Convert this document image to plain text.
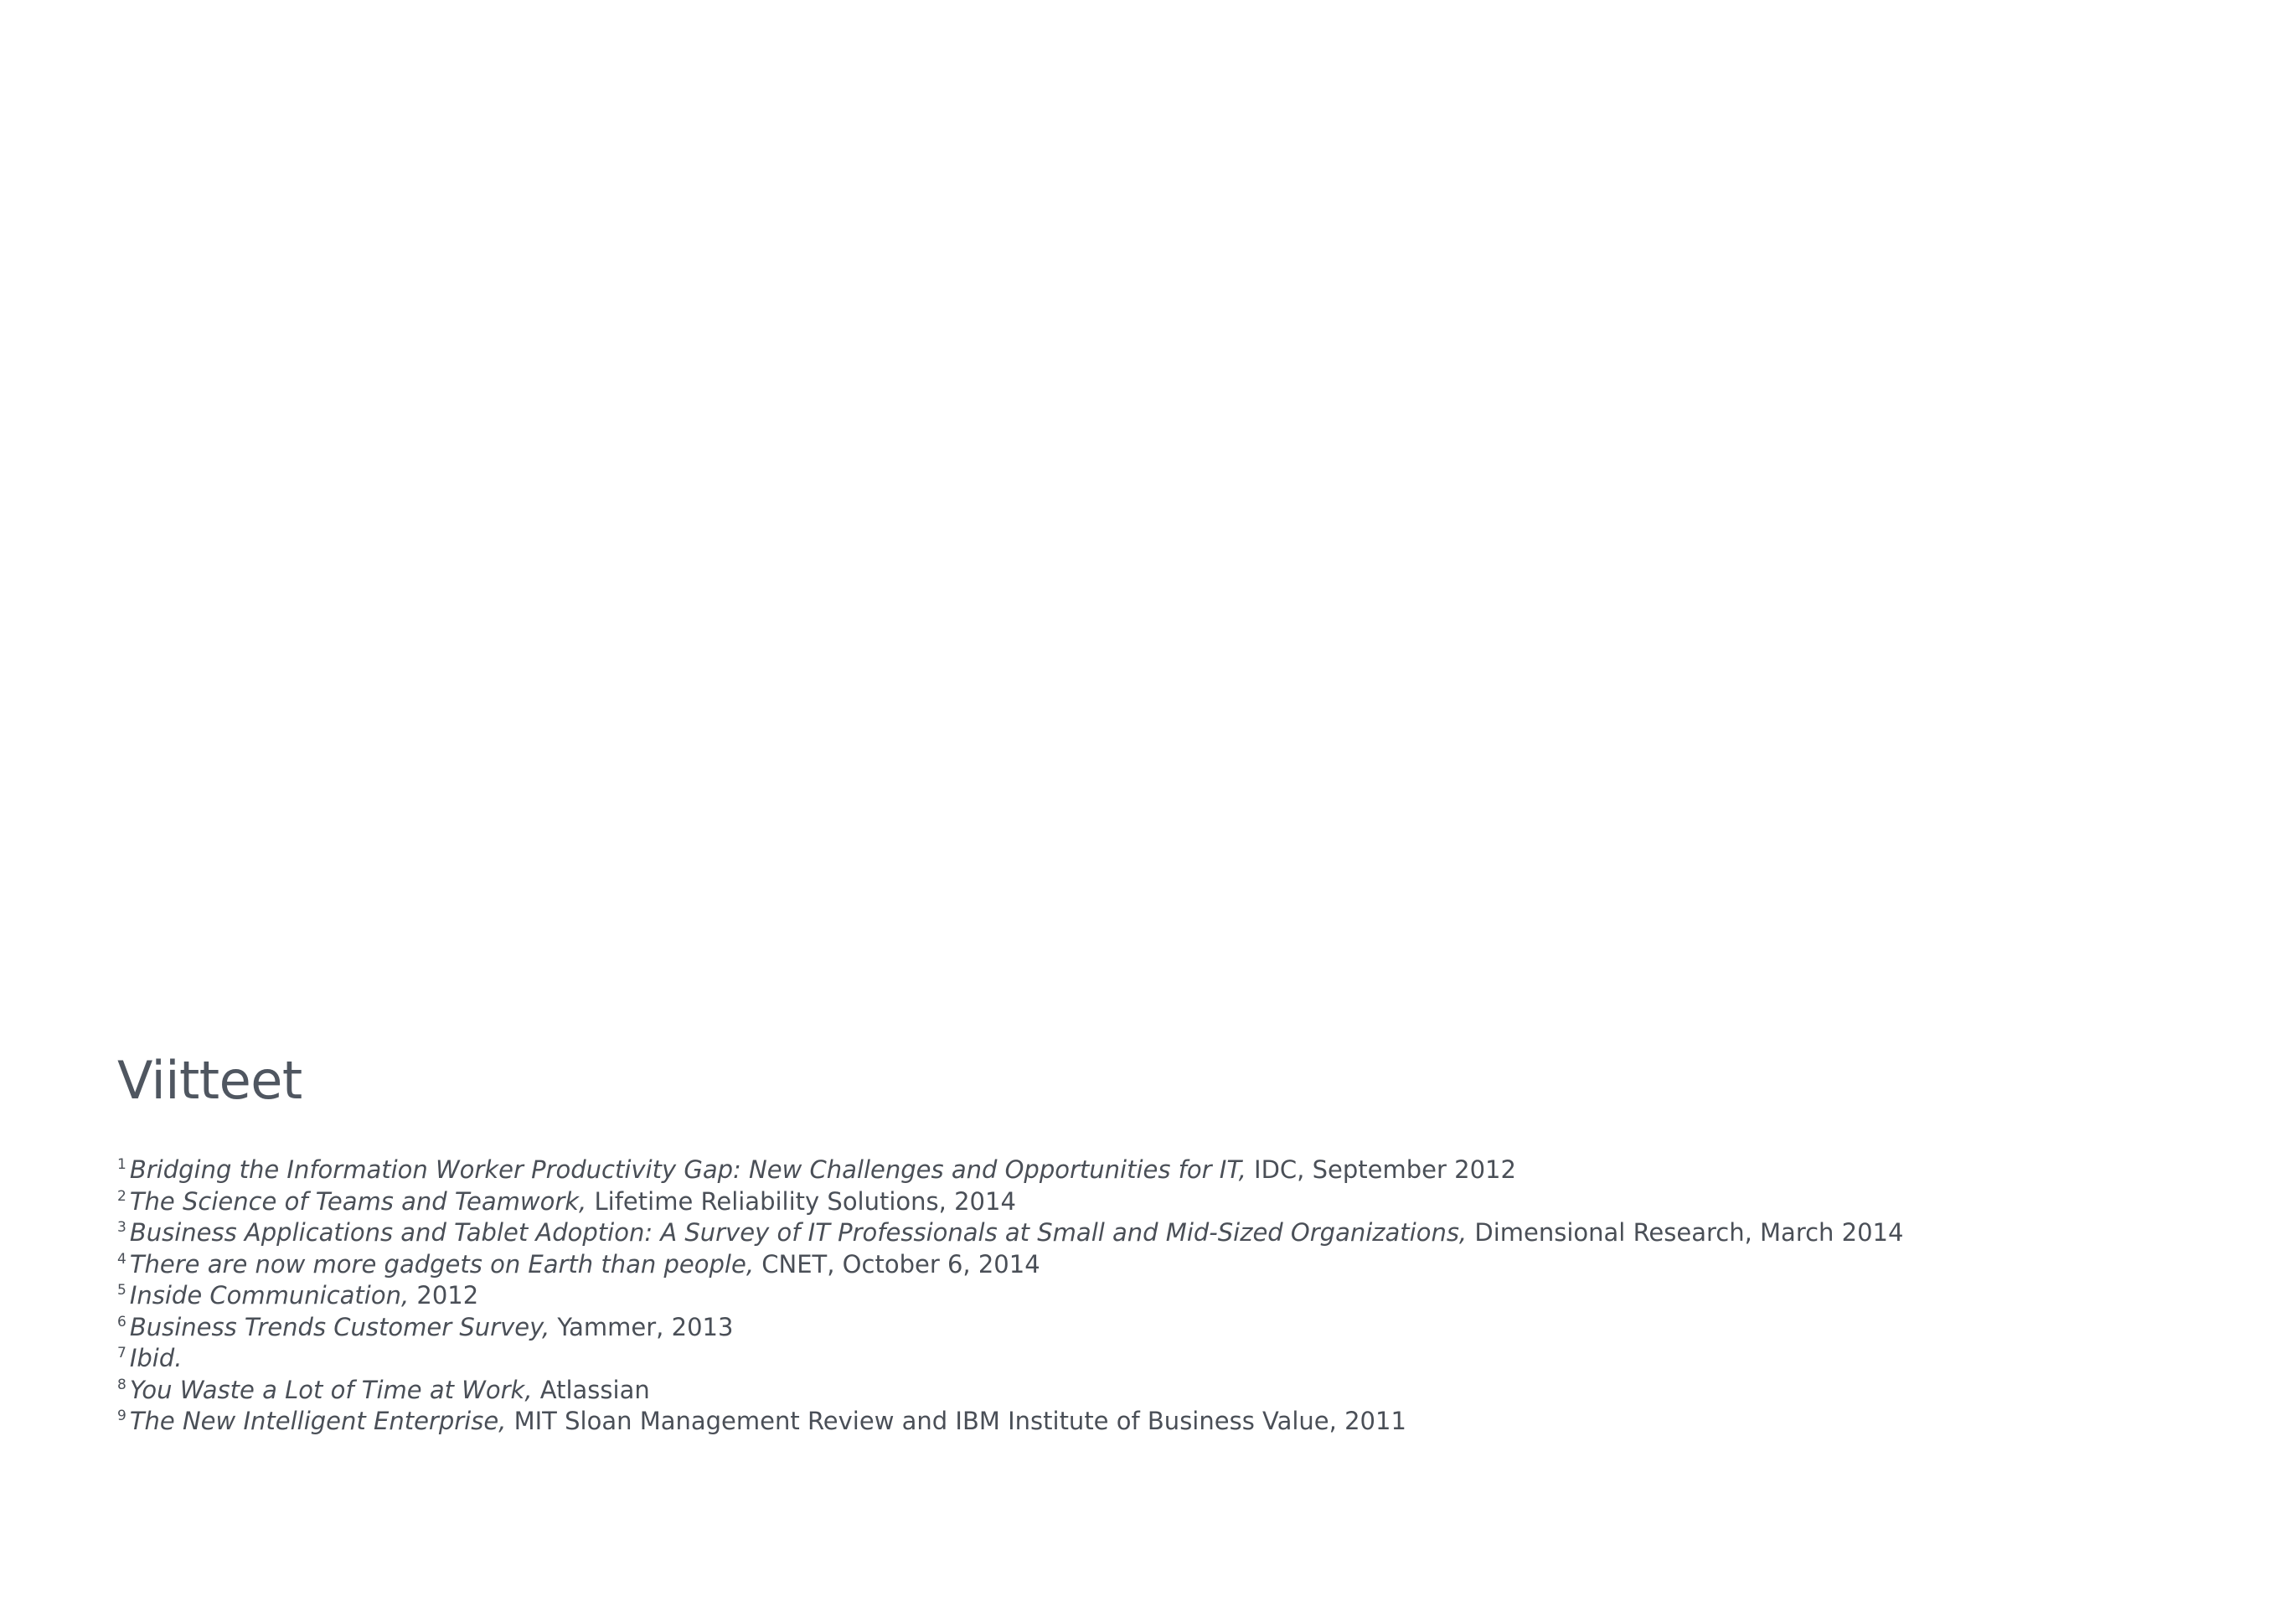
Viitteet
$^1$ Bridging the Information Worker Productivity Gap: New Challenges and Opportunities for IT, IDC, September 2012
$^2$ The Science of Teams and Teamwork, Lifetime Reliability Solutions, 2014
$^3$ Business Applications and Tablet Adoption: A Survey of IT Professionals at Small and Mid-Sized Organizations, Dimensional Research, March 2014
$^4$ There are now more gadgets on Earth than people, CNET, October 6, 2014
$^5$ Inside Communication, 2012
$^6$ Business Trends Customer Survey, Yammer, 2013
$^7$ Ibid.
$^8$ You Waste a Lot of Time at Work, Atlassian
$^9$ The New Intelligent Enterprise, MIT Sloan Management Review and IBM Institute of Business Value, 2011
